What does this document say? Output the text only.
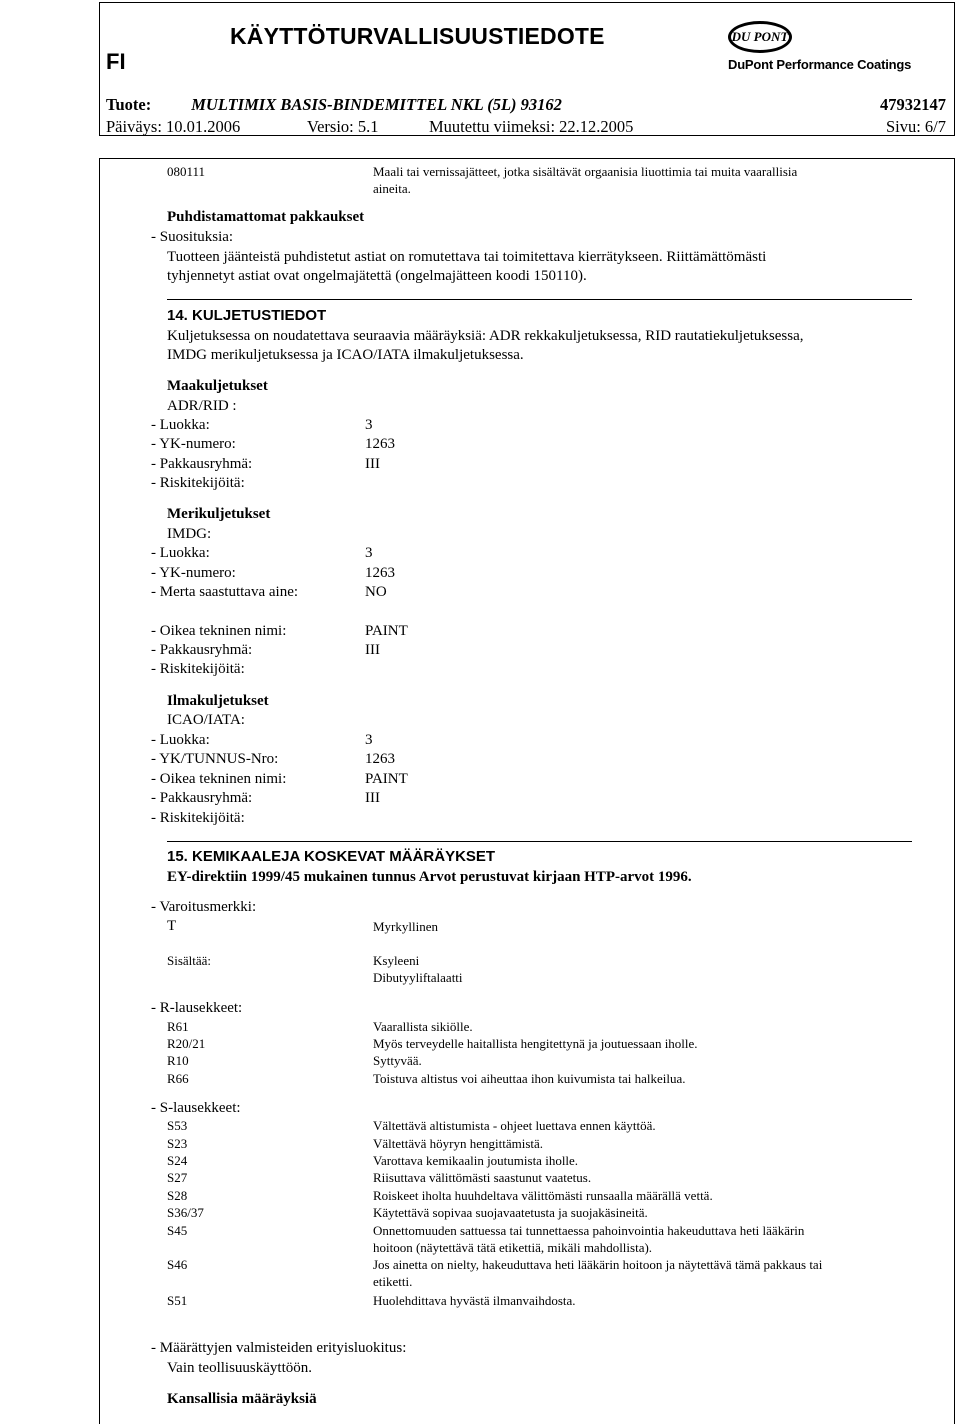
KÄYTTÖTURVALLISUUSTIEDOTE
FI
DU PONT
DuPont Performance Coatings
Tuote: MULTIMIX BASIS-BINDEMITTEL NKL (5L) 93162	47932147
Päiväys: 10.01.2006	Versio: 5.1	Muutettu viimeksi: 22.12.2005	Sivu: 6/7
080111	Maali tai vernissajätteet, jotka sisältävät orgaanisia liuottimia tai muita vaarallisia
aineita.
Puhdistamattomat pakkaukset
- Suosituksia:
Tuotteen jäänteistä puhdistetut astiat on romutettava tai toimitettava kierrätykseen. Riittämättömästi
tyhjennetyt astiat ovat ongelmajätettä (ongelmajätteen koodi 150110).
14. KULJETUSTIEDOT
Kuljetuksessa on noudatettava seuraavia määräyksiä: ADR rekkakuljetuksessa, RID rautatiekuljetuksessa,
IMDG merikuljetuksessa ja ICAO/IATA ilmakuljetuksessa.
Maakuljetukset
ADR/RID :
- Luokka:	3
- YK-numero:	1263
- Pakkausryhmä:	III
- Riskitekijöitä:
Merikuljetukset
IMDG:
- Luokka:	3
- YK-numero:	1263
- Merta saastuttava aine:	NO
- Oikea tekninen nimi:	PAINT
- Pakkausryhmä:	III
- Riskitekijöitä:
Ilmakuljetukset
ICAO/IATA:
- Luokka:	3
- YK/TUNNUS-Nro:	1263
- Oikea tekninen nimi:	PAINT
- Pakkausryhmä:	III
- Riskitekijöitä:
15. KEMIKAALEJA KOSKEVAT MÄÄRÄYKSET
EY-direktiin 1999/45 mukainen tunnus Arvot perustuvat kirjaan HTP-arvot 1996.
- Varoitusmerkki:
T	Myrkyllinen
Sisältää:	Ksyleeni
Dibutyyliftalaatti
- R-lausekkeet:
R61	Vaarallista sikiölle.
R20/21	Myös terveydelle haitallista hengitettynä ja joutuessaan iholle.
R10	Syttyvää.
R66	Toistuva altistus voi aiheuttaa ihon kuivumista tai halkeilua.
- S-lausekkeet:
S53	Vältettävä altistumista - ohjeet luettava ennen käyttöä.
S23	Vältettävä höyryn hengittämistä.
S24	Varottava kemikaalin joutumista iholle.
S27	Riisuttava välittömästi saastunut vaatetus.
S28	Roiskeet iholta huuhdeltava välittömästi runsaalla määrällä vettä.
S36/37	Käytettävä sopivaa suojavaatetusta ja suojakäsineitä.
S45	Onnettomuuden sattuessa tai tunnettaessa pahoinvointia hakeuduttava heti lääkärin
hoitoon (näytettävä tätä etikettiä, mikäli mahdollista).
S46	Jos ainetta on nielty, hakeuduttava heti lääkärin hoitoon ja näytettävä tämä pakkaus tai
etiketti.
S51	Huolehdittava hyvästä ilmanvaihdosta.
- Määrättyjen valmisteiden erityisluokitus:
Vain teollisuuskäyttöön.
Kansallisia määräyksiä
